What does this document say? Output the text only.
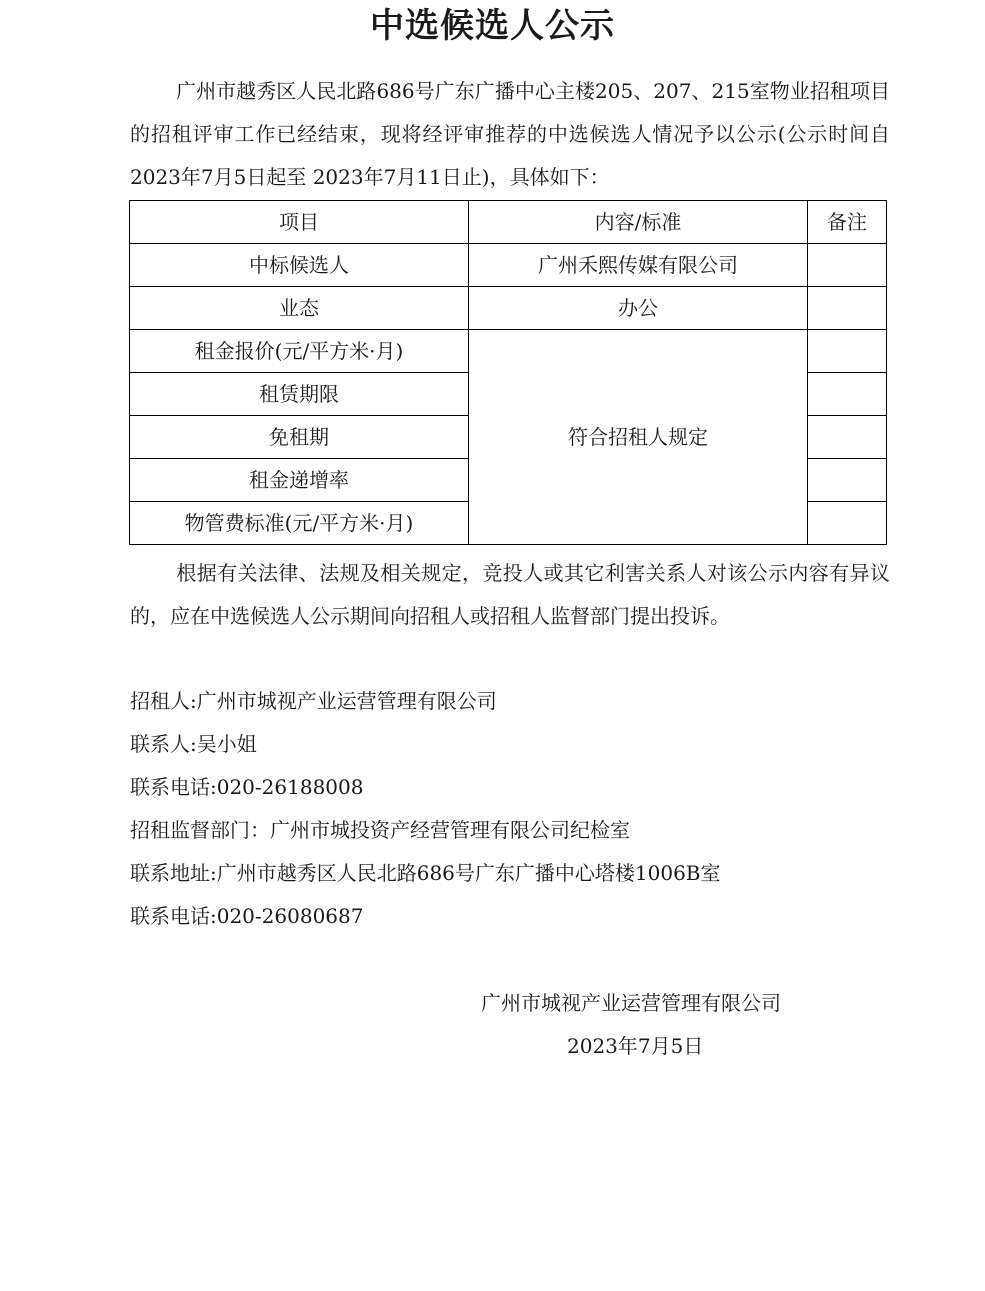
中选候选人公示
广州市越秀区人民北路686号广东广播中心主楼205、207、215室物业招租项目的招租评审工作已经结束，现将经评审推荐的中选候选人情况予以公示(公示时间自2023年7月5日起至 2023年7月11日止)，具体如下：
项目	内容/标准	备注
中标候选人	广州禾熙传媒有限公司	
业态	办公	
租金报价(元/平方米·月)	符合招租人规定	
租赁期限		
免租期		
租金递增率		
物管费标准(元/平方米·月)		
根据有关法律、法规及相关规定，竞投人或其它利害关系人对该公示内容有异议的，应在中选候选人公示期间向招租人或招租人监督部门提出投诉。
招租人:广州市城视产业运营管理有限公司
联系人:吴小姐
联系电话:020-26188008
招租监督部门：广州市城投资产经营管理有限公司纪检室
联系地址:广州市越秀区人民北路686号广东广播中心塔楼1006B室
联系电话:020-26080687
广州市城视产业运营管理有限公司
2023年7月5日
